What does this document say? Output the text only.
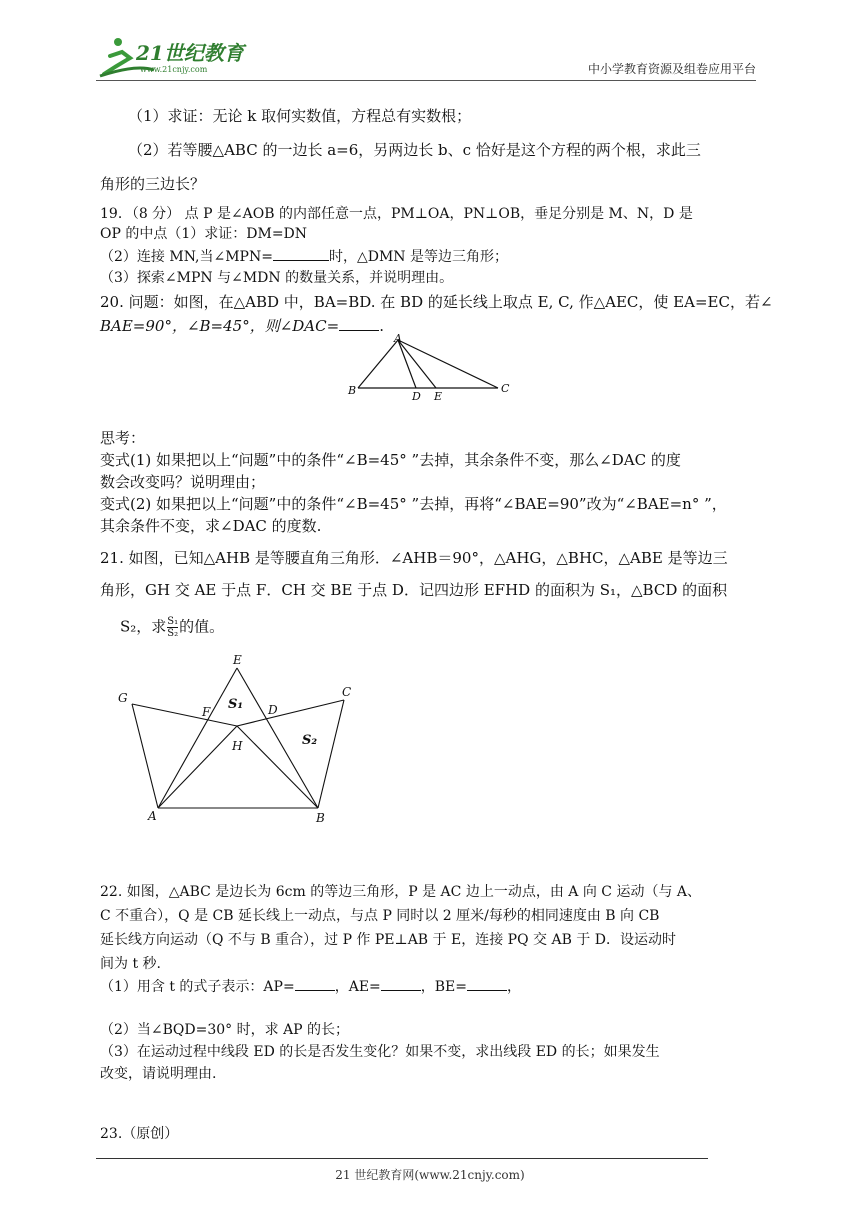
21世纪教育
www.21cnjy.com	中小学教育资源及组卷应用平台
（1）求证：无论 k 取何实数值，方程总有实数根；
（2）若等腰△ABC 的一边长 a=6，另两边长 b、c 恰好是这个方程的两个根，求此三
角形的三边长？
19．（8 分） 点 P 是∠AOB 的内部任意一点，PM⊥OA，PN⊥OB，垂足分别是 M、N，D 是
OP 的中点（1）求证：DM=DN
（2）连接 MN,当∠MPN=	时，△DMN 是等边三角形；
（3）探索∠MPN 与∠MDN 的数量关系，并说明理由。
20. 问题：如图，在△ABD 中，BA=BD. 在 BD 的延长线上取点 E, C, 作△AEC，使 EA=EC，若∠
BAE=90°，∠B=45°，则∠DAC=	.
A
B	D E
C
思考：
变式(1) 如果把以上“问题”中的条件“∠B=45° ”去掉，其余条件不变，那么∠DAC 的度
数会改变吗？说明理由；
变式(2) 如果把以上“问题”中的条件“∠B=45° ”去掉，再将“∠BAE=90”改为“∠BAE=n° ”，
其余条件不变，求∠DAC 的度数.
21. 如图，已知△AHB 是等腰直角三角形．∠AHB＝90°，△AHG，△BHC，△ABE 是等边三
角形，GH 交 AE 于点 F．CH 交 BE 于点 D．记四边形 EFHD 的面积为 S₁，△BCD 的面积
S₂，求 $\frac{\text{S₁}}{\text{S₂}}$ 的值。
E
G	C
F	D
H
A	B
S₁
S₂
22. 如图，△ABC 是边长为 6cm 的等边三角形，P 是 AC 边上一动点，由 A 向 C 运动（与 A、
C 不重合），Q 是 CB 延长线上一动点，与点 P 同时以 2 厘米/每秒的相同速度由 B 向 CB
延长线方向运动（Q 不与 B 重合），过 P 作 PE⊥AB 于 E，连接 PQ 交 AB 于 D．设运动时
间为 t 秒.
（1）用含 t 的式子表示：AP=	，AE=	，BE=	，
（2）当∠BQD=30° 时，求 AP 的长；
（3）在运动过程中线段 ED 的长是否发生变化？如果不变，求出线段 ED 的长；如果发生
改变，请说明理由.
23.（原创）
21 世纪教育网(www.21cnjy.com)
